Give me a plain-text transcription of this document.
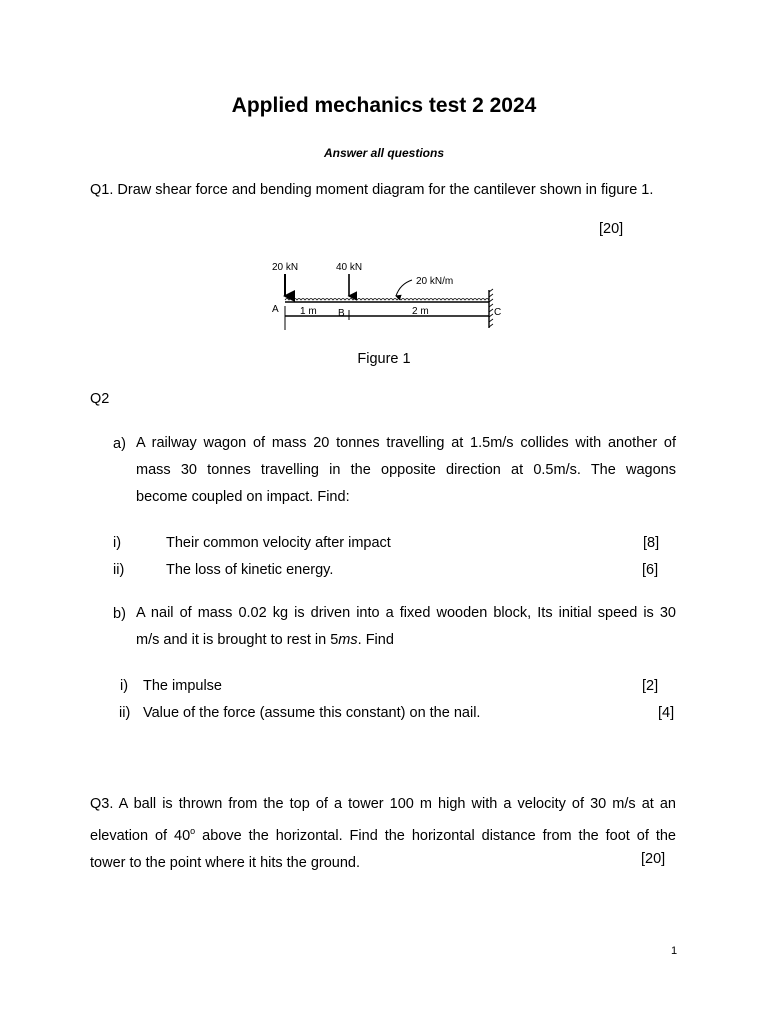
Applied mechanics test 2 2024
Answer all questions
Q1. Draw shear force and bending moment diagram for the cantilever shown in figure 1.
[20]
20 kN	40 kN
20 kN/m
A	B	C
1 m	2 m
Figure 1
Q2
a) A railway wagon of mass 20 tonnes travelling at 1.5m/s collides with another of
mass 30 tonnes travelling in the opposite direction at 0.5m/s. The wagons
become coupled on impact. Find:
i)	Their common velocity after impact	[8]
ii)	The loss of kinetic energy.	[6]
b) A nail of mass 0.02 kg is driven into a fixed wooden block, Its initial speed is 30
m/s and it is brought to rest in 5ms. Find
i) The impulse	[2]
ii) Value of the force (assume this constant) on the nail.	[4]
Q3. A ball is thrown from the top of a tower 100 m high with a velocity of 30 m/s at an
elevation of 40$^o$ above the horizontal. Find the horizontal distance from the foot of the
tower to the point where it hits the ground.	[20]
1
